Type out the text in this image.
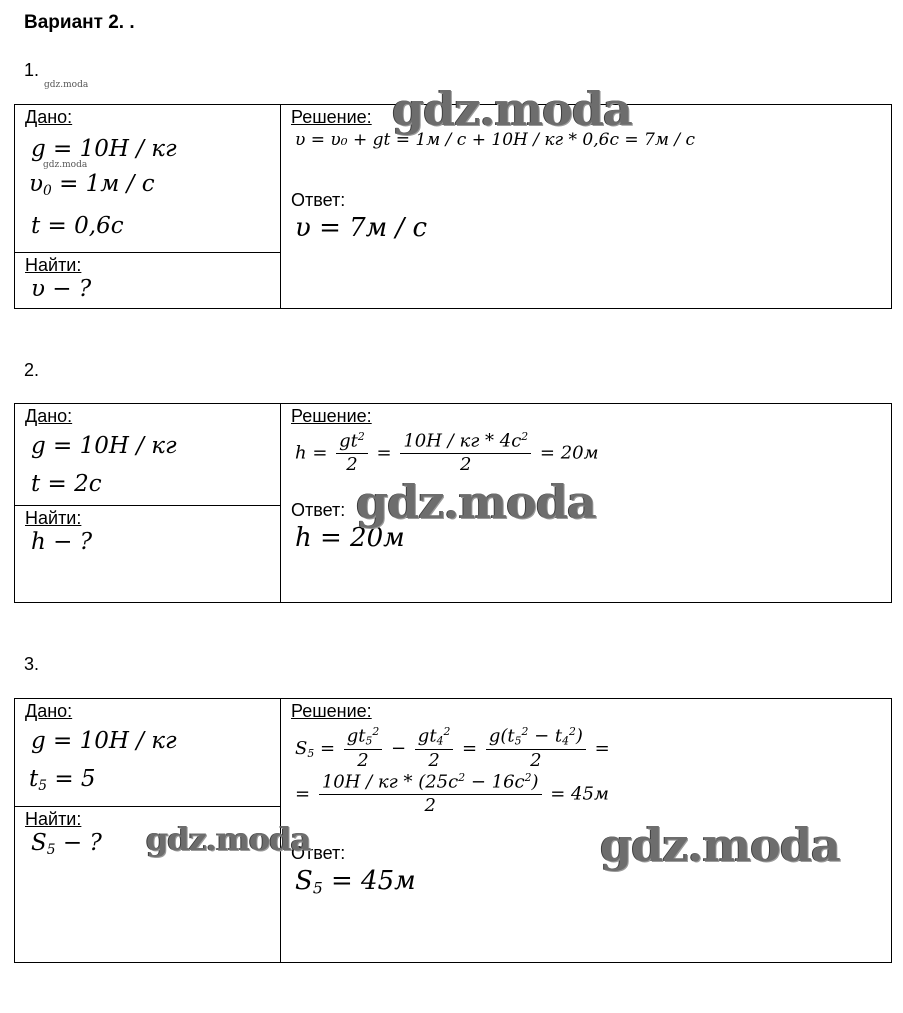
Вариант 2. .
1.
gdz.moda
Дано:
g = 10Н / кг
gdz.moda
$\upsilon_0 = 1м / с$
t = 0,6с

Решение:
υ = υ₀ + gt = 1м / с + 10Н / кг * 0,6с = 7м / с
Ответ:
υ = 7м / с

Найти:
υ − ?
gdz.moda
2.
Дано:
g = 10Н / кг
t = 2с

Решение:
$h = \frac{gt^2}{2} = \frac{10Н / кг * 4с^2}{2} = 20м$
Ответ:
h = 20м

Найти:
h − ?
gdz.moda
3.
Дано:
g = 10Н / кг
$t_5 = 5$

Решение:
$S_5 = \frac{gt_5^2}{2} - \frac{gt_4^2}{2} = \frac{g(t_5^2 - t_4^2)}{2}$ =
= $\frac{10Н / кг * (25с^2 - 16с^2)}{2} = 45м$
Ответ:
$S_5 = 45м$

Найти:
$S_5$ − ?	gdz.moda	gdz.moda
